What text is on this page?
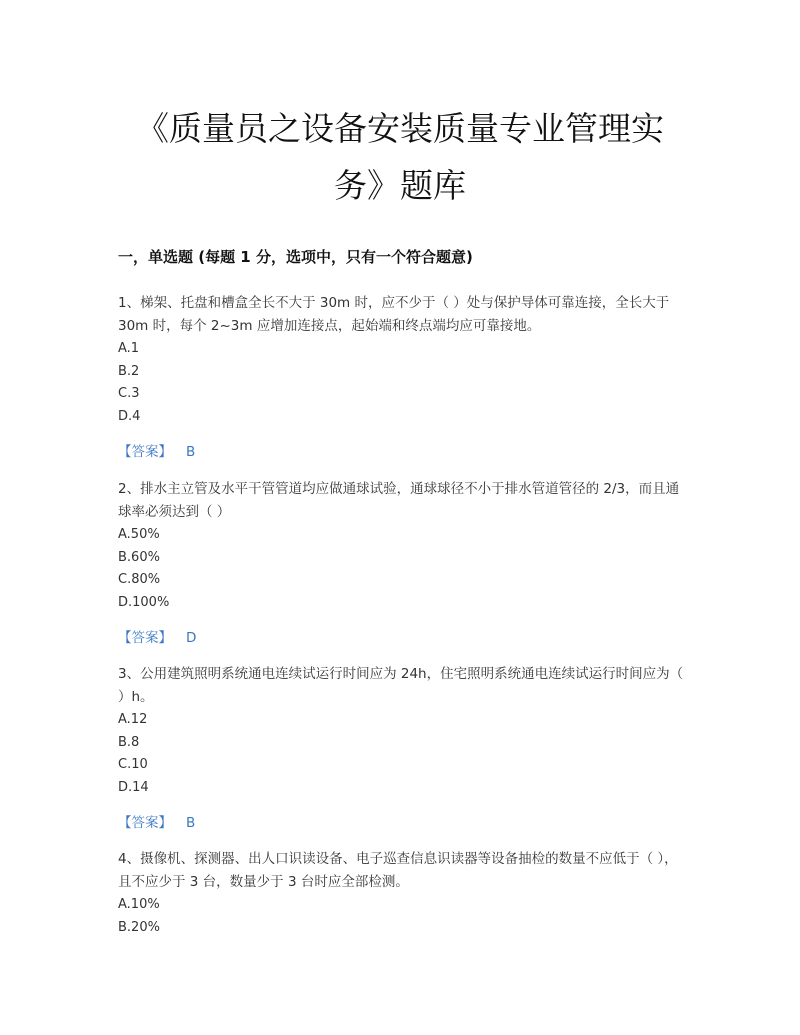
《质量员之设备安装质量专业管理实
务》题库
一，单选题 (每题 1 分，选项中，只有一个符合题意)

1、梯架、托盘和槽盒全长不大于 30m 时，应不少于（ ）处与保护导体可靠连接，全长大于 30m 时，每个 2~3m 应增加连接点，起始端和终点端均应可靠接地。

A.1

B.2

C.3

D.4

【答案】 B

2、排水主立管及水平干管管道均应做通球试验，通球球径不小于排水管道管径的 2/3，而且通球率必须达到（ ）

A.50%

B.60%

C.80%

D.100%

【答案】 D

3、公用建筑照明系统通电连续试运行时间应为 24h，住宅照明系统通电连续试运行时间应为（ ）h。

A.12

B.8

C.10

D.14

【答案】 B

4、摄像机、探测器、出人口识读设备、电子巡查信息识读器等设备抽检的数量不应低于（ ），且不应少于 3 台，数量少于 3 台时应全部检测。

A.10%

B.20%
